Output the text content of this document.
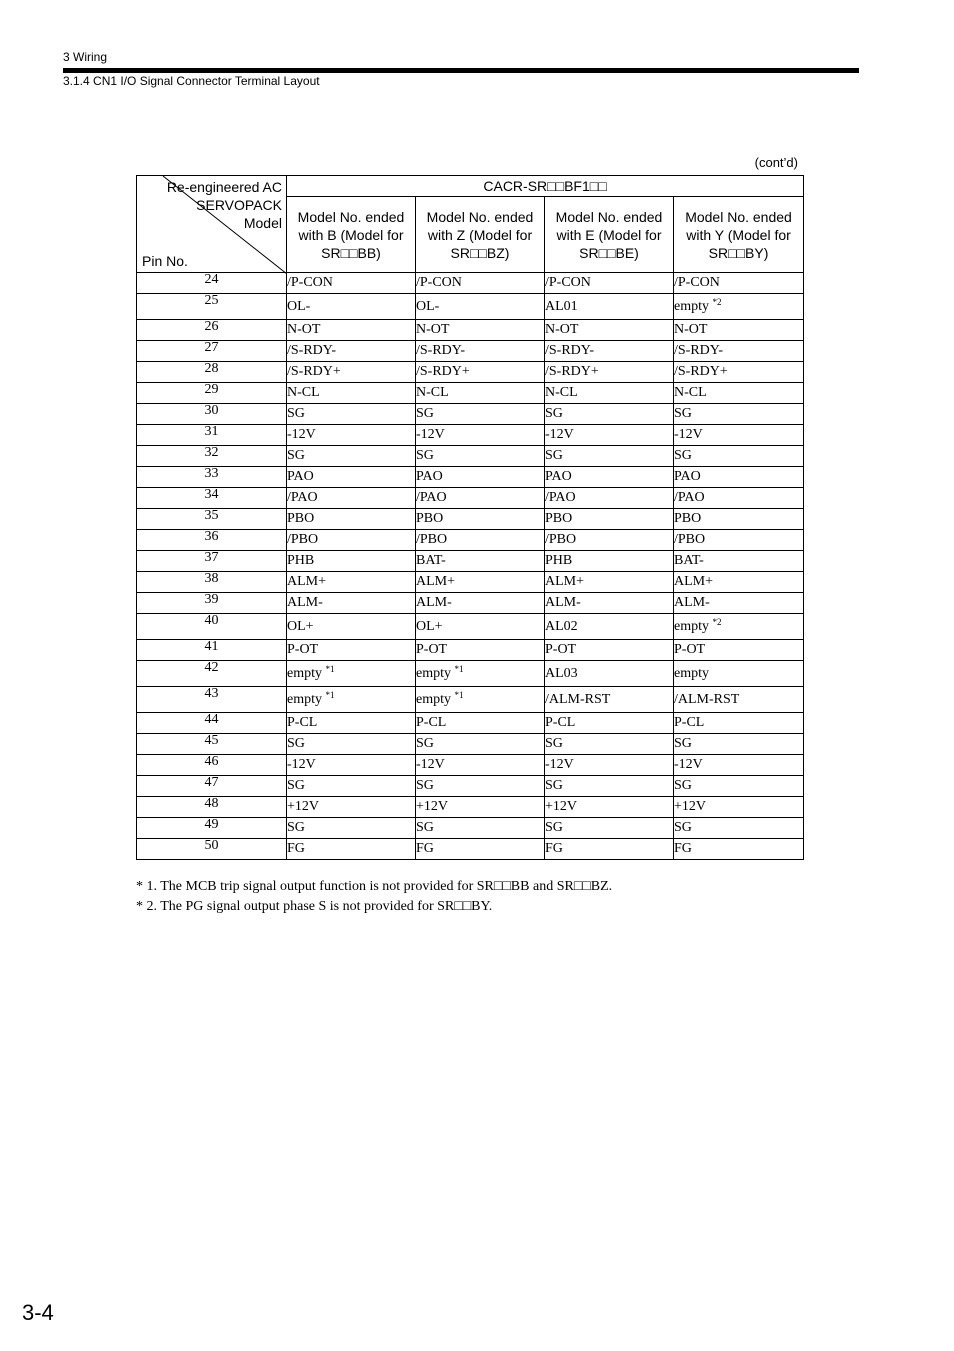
3 Wiring
3.1.4 CN1 I/O Signal Connector Terminal Layout
(cont’d)
Re-engineered AC
SERVOPACK
Model
Pin No.	CACR-SR□□BF1□□			
	Model No. ended with B (Model for SR□□BB)	Model No. ended with Z (Model for SR□□BZ)	Model No. ended with E (Model for SR□□BE)	Model No. ended with Y (Model for SR□□BY)
24	/P-CON	/P-CON	/P-CON	/P-CON
25	OL-	OL-	AL01	empty $^{*2}$
26	N-OT	N-OT	N-OT	N-OT
27	/S-RDY-	/S-RDY-	/S-RDY-	/S-RDY-
28	/S-RDY+	/S-RDY+	/S-RDY+	/S-RDY+
29	N-CL	N-CL	N-CL	N-CL
30	SG	SG	SG	SG
31	-12V	-12V	-12V	-12V
32	SG	SG	SG	SG
33	PAO	PAO	PAO	PAO
34	/PAO	/PAO	/PAO	/PAO
35	PBO	PBO	PBO	PBO
36	/PBO	/PBO	/PBO	/PBO
37	PHB	BAT-	PHB	BAT-
38	ALM+	ALM+	ALM+	ALM+
39	ALM-	ALM-	ALM-	ALM-
40	OL+	OL+	AL02	empty $^{*2}$
41	P-OT	P-OT	P-OT	P-OT
42	empty $^{*1}$	empty $^{*1}$	AL03	empty
43	empty $^{*1}$	empty $^{*1}$	/ALM-RST	/ALM-RST
44	P-CL	P-CL	P-CL	P-CL
45	SG	SG	SG	SG
46	-12V	-12V	-12V	-12V
47	SG	SG	SG	SG
48	+12V	+12V	+12V	+12V
49	SG	SG	SG	SG
50	FG	FG	FG	FG
* 1. The MCB trip signal output function is not provided for SR□□BB and SR□□BZ.
* 2. The PG signal output phase S is not provided for SR□□BY.
3-4
